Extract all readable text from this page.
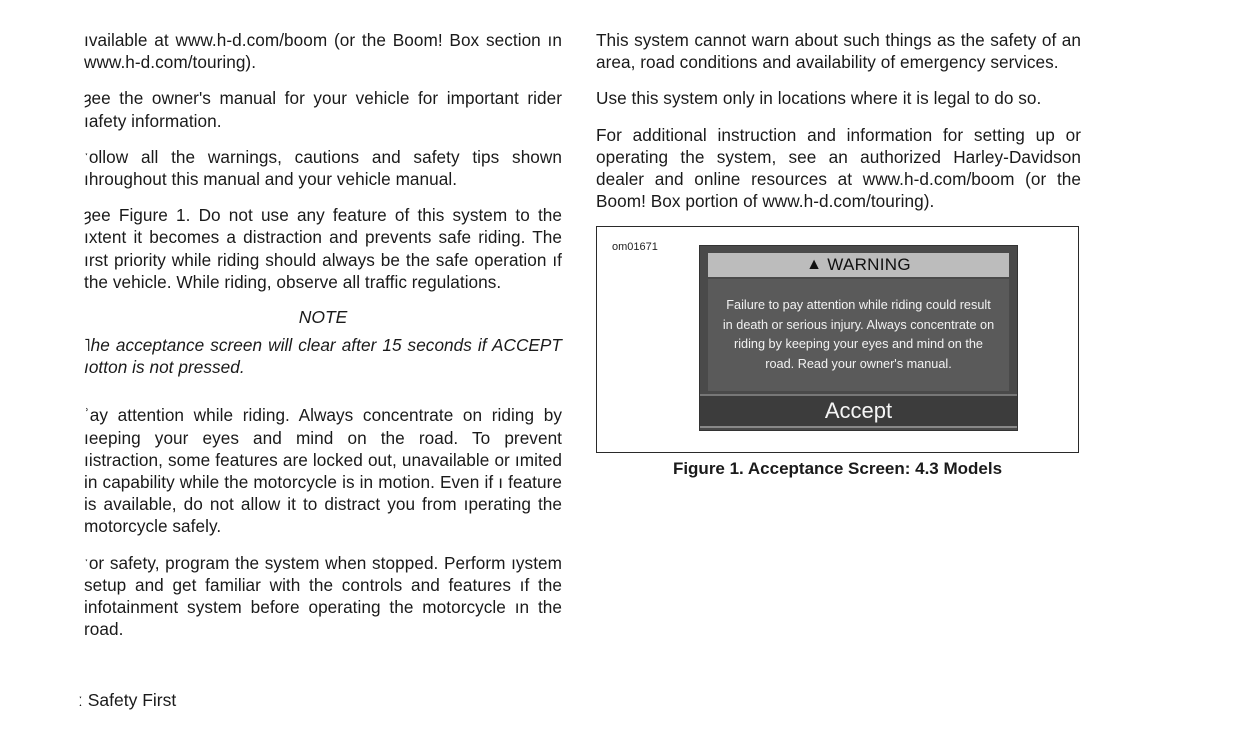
ıvailable at www.h-d.com/boom (or the Boom! Box section ın www.h-d.com/touring).

ȝee the owner's manual for your vehicle for important rider ıafety information.

ˑollow all the warnings, cautions and safety tips shown ıhroughout this manual and your vehicle manual.

ȝee Figure 1. Do not use any feature of this system to the ıxtent it becomes a distraction and prevents safe riding. The ırst priority while riding should always be the safe operation ıf the vehicle. While riding, observe all traffic regulations.

NOTE

˥he acceptance screen will clear after 15 seconds if ACCEPT ıotton is not pressed.

ʾay attention while riding. Always concentrate on riding by ıeeping your eyes and mind on the road. To prevent ıistraction, some features are locked out, unavailable or ımited in capability while the motorcycle is in motion. Even if ı feature is available, do not allow it to distract you from ıperating the motorcycle safely.

ˑor safety, program the system when stopped. Perform ıystem setup and get familiar with the controls and features ıf the infotainment system before operating the motorcycle ın the road.

This system cannot warn about such things as the safety of an area, road conditions and availability of emergency services.

Use this system only in locations where it is legal to do so.

For additional instruction and information for setting up or operating the system, see an authorized Harley-Davidson dealer and online resources at www.h-d.com/boom (or the Boom! Box portion of www.h-d.com/touring).

om01671
▲ WARNING
Failure to pay attention while riding could result in death or serious injury. Always concentrate on riding by keeping your eyes and mind on the road. Read your owner's manual.
Accept
Figure 1. Acceptance Screen: 4.3 Models
ː Safety First
